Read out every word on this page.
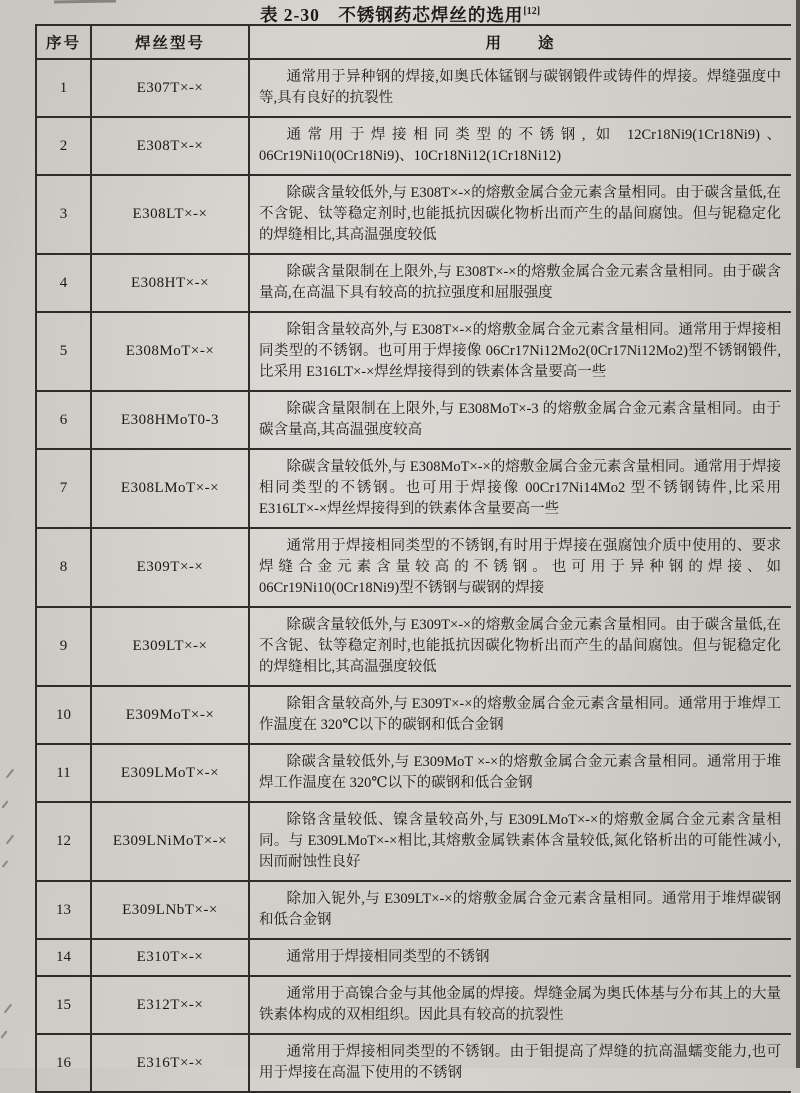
表 2-30　不锈钢药芯焊丝的选用[12]
序号	焊丝型号	用　　途
1	E307T×-×	通常用于异种钢的焊接,如奥氏体锰钢与碳钢锻件或铸件的焊接。焊缝强度中等,具有良好的抗裂性

2	E308T×-×	通常用于焊接相同类型的不锈钢, 如 12Cr18Ni9(1Cr18Ni9)、06Cr19Ni10(0Cr18Ni9)、10Cr18Ni12(1Cr18Ni12)

3	E308LT×-×	除碳含量较低外,与 E308T×-×的熔敷金属合金元素含量相同。由于碳含量低,在不含铌、钛等稳定剂时,也能抵抗因碳化物析出而产生的晶间腐蚀。但与铌稳定化的焊缝相比,其高温强度较低

4	E308HT×-×	除碳含量限制在上限外,与 E308T×-×的熔敷金属合金元素含量相同。由于碳含量高,在高温下具有较高的抗拉强度和屈服强度

5	E308MoT×-×	除钼含量较高外,与 E308T×-×的熔敷金属合金元素含量相同。通常用于焊接相同类型的不锈钢。也可用于焊接像 06Cr17Ni12Mo2(0Cr17Ni12Mo2)型不锈钢锻件,比采用 E316LT×-×焊丝焊接得到的铁素体含量要高一些

6	E308HMoT0-3	除碳含量限制在上限外,与 E308MoT×-3 的熔敷金属合金元素含量相同。由于碳含量高,其高温强度较高

7	E308LMoT×-×	除碳含量较低外,与 E308MoT×-×的熔敷金属合金元素含量相同。通常用于焊接相同类型的不锈钢。也可用于焊接像 00Cr17Ni14Mo2 型不锈钢铸件,比采用 E316LT×-×焊丝焊接得到的铁素体含量要高一些

8	E309T×-×	通常用于焊接相同类型的不锈钢,有时用于焊接在强腐蚀介质中使用的、要求焊缝合金元素含量较高的不锈钢。也可用于异种钢的焊接、如 06Cr19Ni10(0Cr18Ni9)型不锈钢与碳钢的焊接

9	E309LT×-×	除碳含量较低外,与 E309T×-×的熔敷金属合金元素含量相同。由于碳含量低,在不含铌、钛等稳定剂时,也能抵抗因碳化物析出而产生的晶间腐蚀。但与铌稳定化的焊缝相比,其高温强度较低

10	E309MoT×-×	除钼含量较高外,与 E309T×-×的熔敷金属合金元素含量相同。通常用于堆焊工作温度在 320℃以下的碳钢和低合金钢

11	E309LMoT×-×	除碳含量较低外,与 E309MoT ×-×的熔敷金属合金元素含量相同。通常用于堆焊工作温度在 320℃以下的碳钢和低合金钢

12	E309LNiMoT×-×	除铬含量较低、镍含量较高外,与 E309LMoT×-×的熔敷金属合金元素含量相同。与 E309LMoT×-×相比,其熔敷金属铁素体含量较低,氮化铬析出的可能性减小,因而耐蚀性良好

13	E309LNbT×-×	除加入铌外,与 E309LT×-×的熔敷金属合金元素含量相同。通常用于堆焊碳钢和低合金钢

14	E310T×-×	通常用于焊接相同类型的不锈钢

15	E312T×-×	通常用于高镍合金与其他金属的焊接。焊缝金属为奥氏体基与分布其上的大量铁素体构成的双相组织。因此具有较高的抗裂性

16	E316T×-×	通常用于焊接相同类型的不锈钢。由于钼提高了焊缝的抗高温蠕变能力,也可用于焊接在高温下使用的不锈钢
